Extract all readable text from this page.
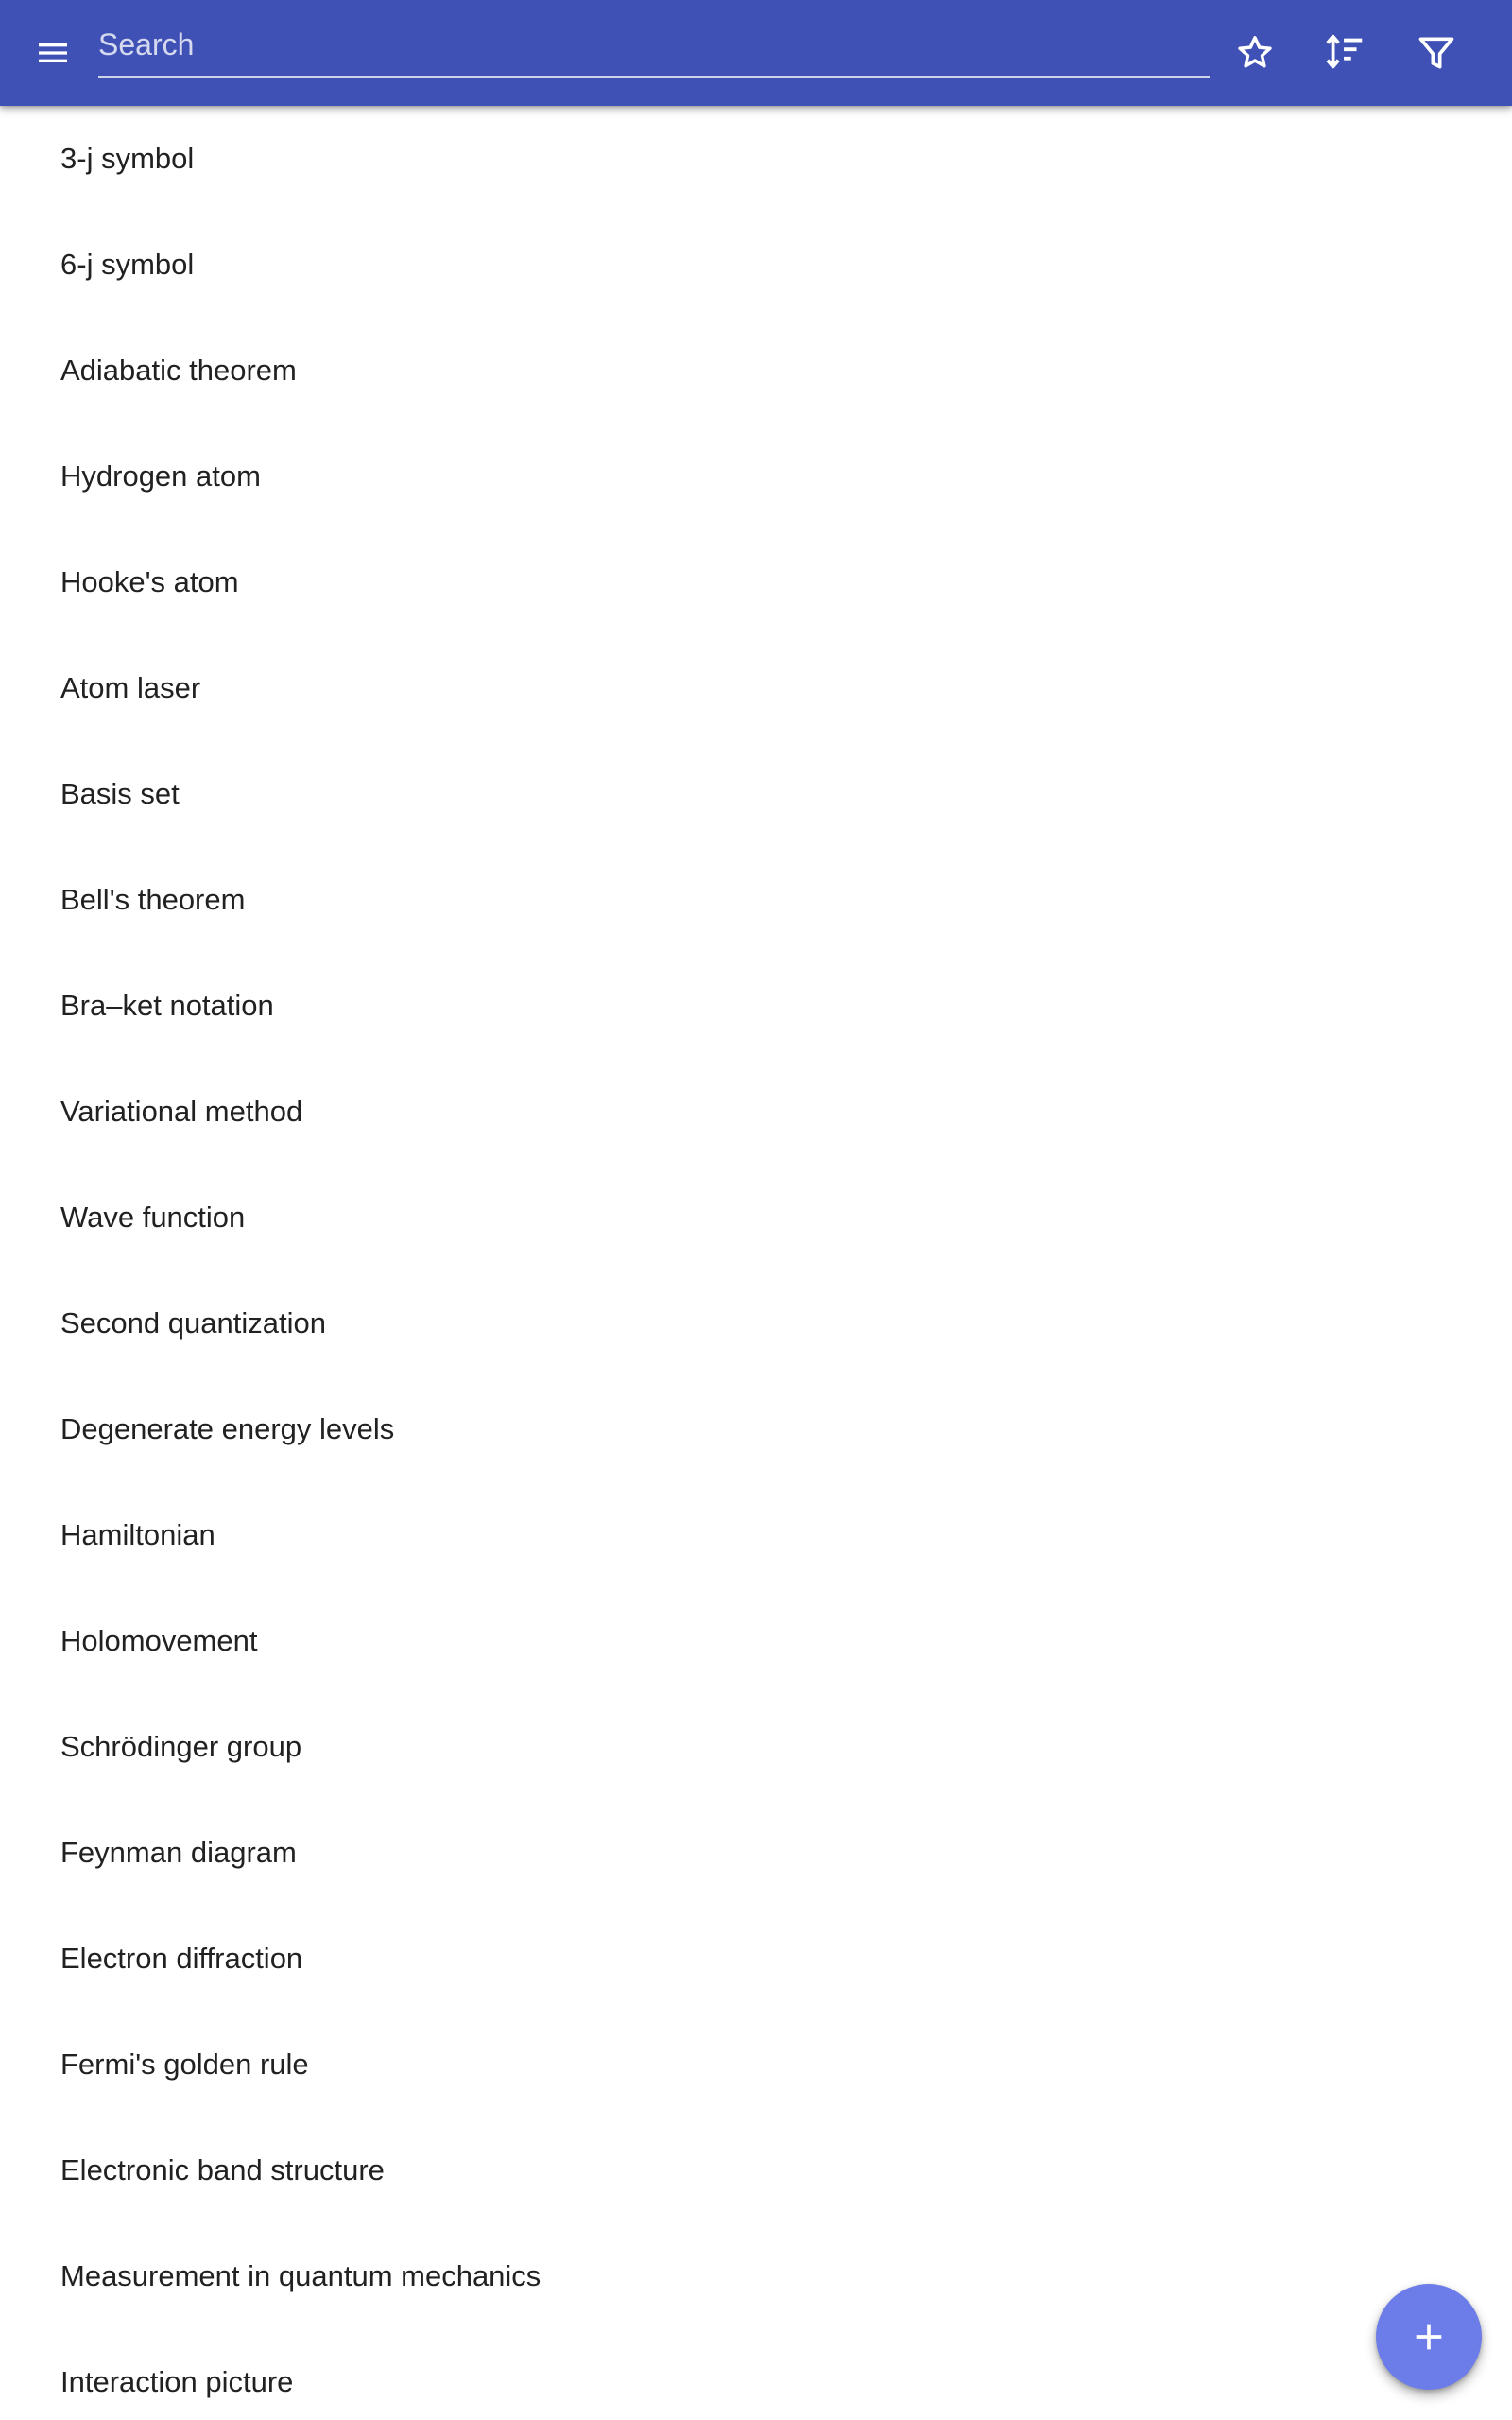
Search
3-j symbol
6-j symbol
Adiabatic theorem
Hydrogen atom
Hooke's atom
Atom laser
Basis set
Bell's theorem
Bra–ket notation
Variational method
Wave function
Second quantization
Degenerate energy levels
Hamiltonian
Holomovement
Schrödinger group
Feynman diagram
Electron diffraction
Fermi's golden rule
Electronic band structure
Measurement in quantum mechanics
Interaction picture
